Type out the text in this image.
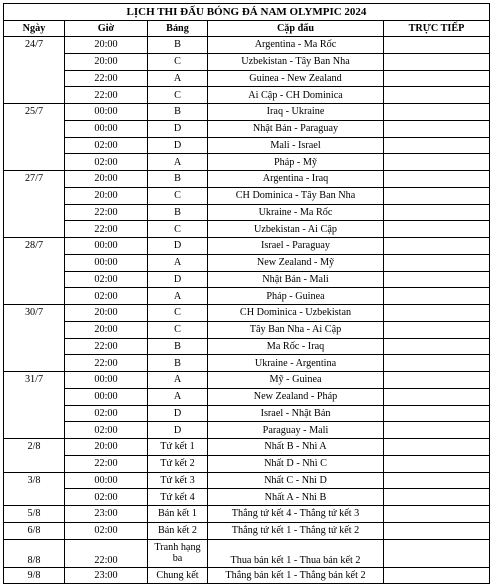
LỊCH THI ĐẤU BÓNG ĐÁ NAM OLYMPIC 2024				
Ngày	Giờ	Bảng	Cặp đấu	TRỰC TIẾP
24/7	20:00	B	Argentina - Ma Rốc	
	20:00	C	Uzbekistan - Tây Ban Nha	
	22:00	A	Guinea - New Zealand	
	22:00	C	Ai Cập - CH Dominica	
25/7	00:00	B	Iraq - Ukraine	
	00:00	D	Nhật Bản - Paraguay	
	02:00	D	Mali - Israel	
	02:00	A	Pháp - Mỹ	
27/7	20:00	B	Argentina - Iraq	
	20:00	C	CH Dominica - Tây Ban Nha	
	22:00	B	Ukraine - Ma Rốc	
	22:00	C	Uzbekistan - Ai Cập	
28/7	00:00	D	Israel - Paraguay	
	00:00	A	New Zealand - Mỹ	
	02:00	D	Nhật Bản - Mali	
	02:00	A	Pháp - Guinea	
30/7	20:00	C	CH Dominica - Uzbekistan	
	20:00	C	Tây Ban Nha - Ai Cập	
	22:00	B	Ma Rốc - Iraq	
	22:00	B	Ukraine - Argentina	
31/7	00:00	A	Mỹ - Guinea	
	00:00	A	New Zealand - Pháp	
	02:00	D	Israel - Nhật Bản	
	02:00	D	Paraguay - Mali	
2/8	20:00	Tứ kết 1	Nhất B - Nhì A	
	22:00	Tứ kết 2	Nhất D - Nhì C	
3/8	00:00	Tứ kết 3	Nhất C - Nhì D	
	02:00	Tứ kết 4	Nhất A - Nhì B	
5/8	23:00	Bán kết 1	Thắng tứ kết 4 - Thắng tứ kết 3	
6/8	02:00	Bán kết 2	Thắng tứ kết 1 - Thắng tứ kết 2	
8/8	22:00	Tranh hạng ba	Thua bán kết 1 - Thua bán kết 2	
9/8	23:00	Chung kết	Thắng bán kết 1 - Thắng bán kết 2	
